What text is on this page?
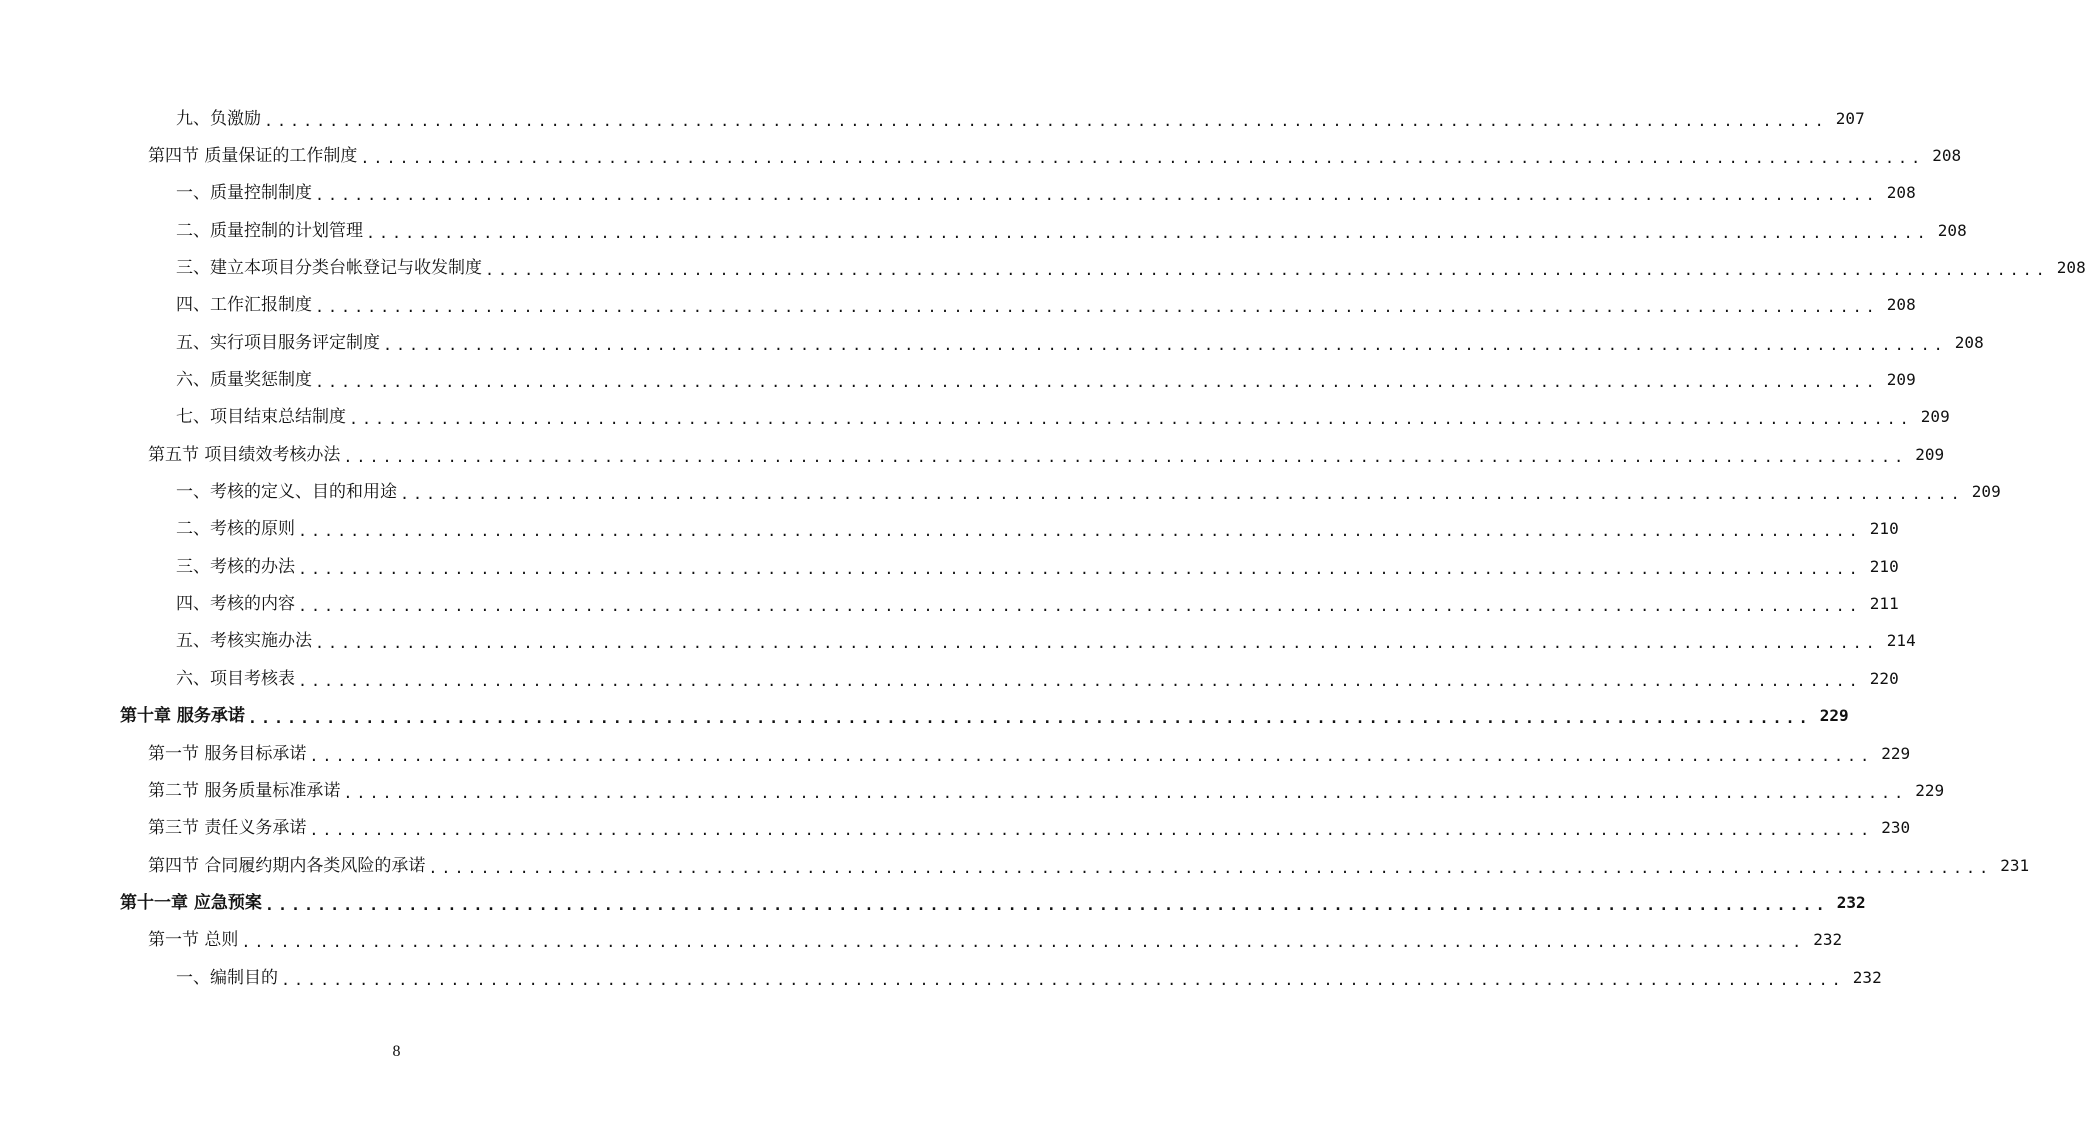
九、负激励 ........................................................................................................................ 207
第四节 质量保证的工作制度 ........................................................................................................................ 208
一、质量控制制度 ........................................................................................................................ 208
二、质量控制的计划管理 ........................................................................................................................ 208
三、建立本项目分类台帐登记与收发制度 ........................................................................................................................ 208
四、工作汇报制度 ........................................................................................................................ 208
五、实行项目服务评定制度 ........................................................................................................................ 208
六、质量奖惩制度 ........................................................................................................................ 209
七、项目结束总结制度 ........................................................................................................................ 209
第五节 项目绩效考核办法 ........................................................................................................................ 209
一、考核的定义、目的和用途 ........................................................................................................................ 209
二、考核的原则 ........................................................................................................................ 210
三、考核的办法 ........................................................................................................................ 210
四、考核的内容 ........................................................................................................................ 211
五、考核实施办法 ........................................................................................................................ 214
六、项目考核表 ........................................................................................................................ 220
第十章 服务承诺 ........................................................................................................................ 229
第一节 服务目标承诺 ........................................................................................................................ 229
第二节 服务质量标准承诺 ........................................................................................................................ 229
第三节 责任义务承诺 ........................................................................................................................ 230
第四节 合同履约期内各类风险的承诺 ........................................................................................................................ 231
第十一章 应急预案 ........................................................................................................................ 232
第一节 总则 ........................................................................................................................ 232
一、编制目的 ........................................................................................................................ 232
8
